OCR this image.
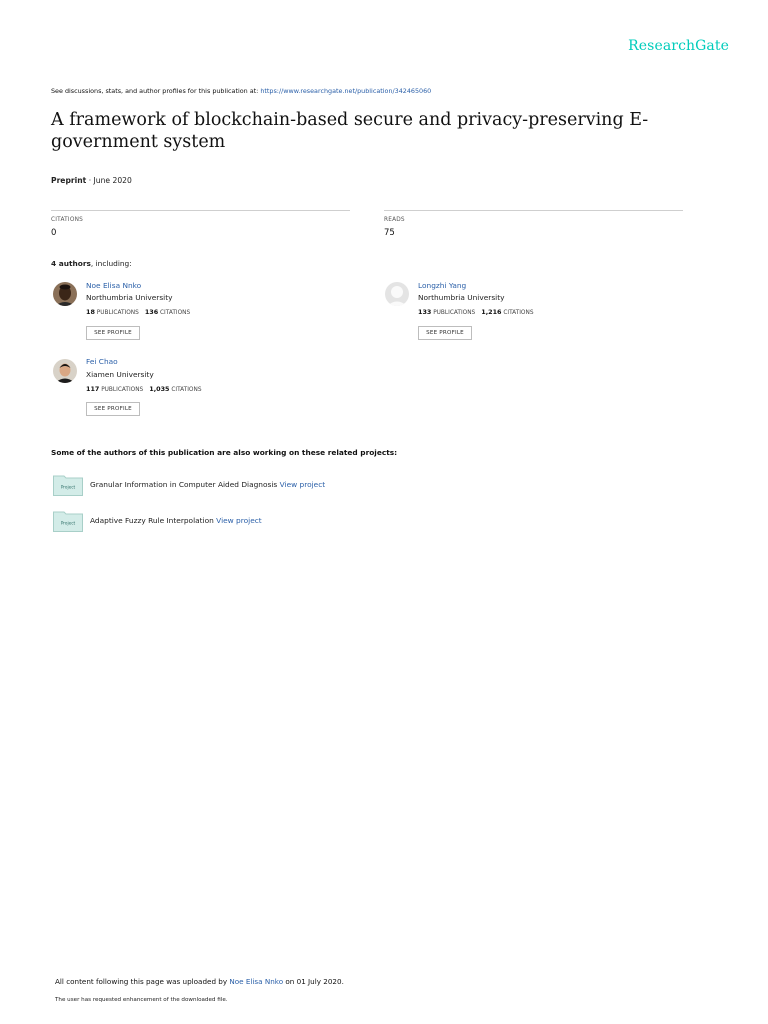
ResearchGate
See discussions, stats, and author profiles for this publication at: https://www.researchgate.net/publication/342465060
A framework of blockchain-based secure and privacy-preserving E-government system
Preprint · June 2020
CITATIONS
0
READS
75
4 authors, including:
Noe Elisa Nnko
Northumbria University
18 PUBLICATIONS 136 CITATIONS
SEE PROFILE
Longzhi Yang
Northumbria University
133 PUBLICATIONS 1,216 CITATIONS
SEE PROFILE
Fei Chao
Xiamen University
117 PUBLICATIONS 1,035 CITATIONS
SEE PROFILE
Some of the authors of this publication are also working on these related projects:
Project Granular Information in Computer Aided Diagnosis View project
Project Adaptive Fuzzy Rule Interpolation View project
All content following this page was uploaded by Noe Elisa Nnko on 01 July 2020.
The user has requested enhancement of the downloaded file.
